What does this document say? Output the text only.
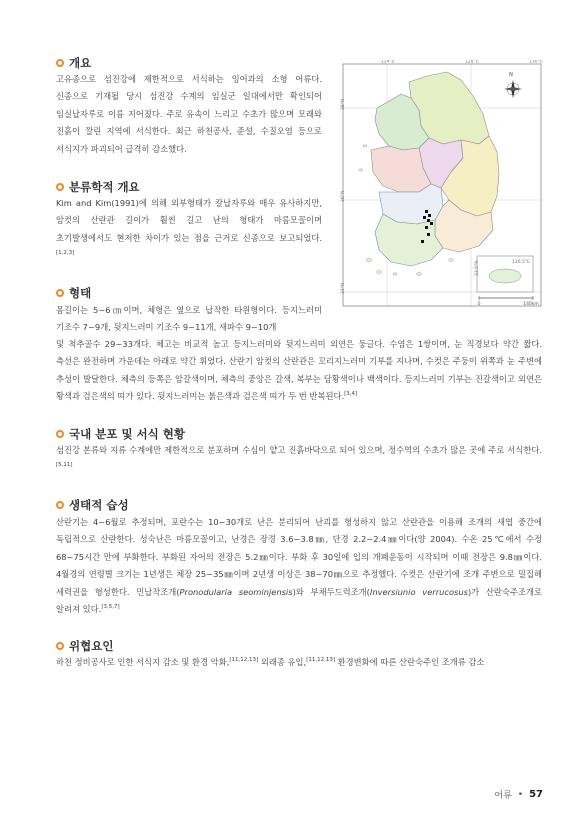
개요
고유종으로 섬진강에 제한적으로 서식하는 잉어과의 소형 어류다. 신종으로 기재될 당시 섬진강 수계의 임실군 일대에서만 확인되어 임실납자루로 이름 지어졌다. 주로 유속이 느리고 수초가 많으며 모래와 진흙이 깔린 지역에 서식한다. 최근 하천공사, 준설, 수질오염 등으로 서식지가 파괴되어 급격히 감소했다.
분류학적 개요
Kim and Kim(1991)에 의해 외부형태가 칼납자루와 매우 유사하지만, 암컷의 산란관 길이가 훨씬 길고 난의 형태가 마름모꼴이며 초기발생에서도 현저한 차이가 있는 점을 근거로 신종으로 보고되었다.[1,2,3]
형태
몸길이는 5~6㎝이며, 체형은 옆으로 납작한 타원형이다. 등지느러미 기조수 7~9개, 뒷지느러미 기조수 9~11개, 새파수 9~10개
및 척추골수 29~33개다. 체고는 비교적 높고 등지느러미와 뒷지느러미 외연은 둥글다. 수염은 1쌍이며, 눈 직경보다 약간 짧다. 측선은 완전하며 가운데는 아래로 약간 휘었다. 산란기 암컷의 산란관은 꼬리지느러미 기부를 지나며, 수컷은 주둥이 위쪽과 눈 주변에 추성이 발달한다. 체측의 등쪽은 암갈색이며, 체측의 중앙은 갈색, 복부는 담황색이나 백색이다. 등지느러미 기부는 진갈색이고 외연은 황색과 검은색의 띠가 있다. 뒷지느러미는 붉은색과 검은색 띠가 두 번 반복된다.[3,4]
국내 분포 및 서식 현황
섬진강 본류와 지류 수계에만 제한적으로 분포하며 수심이 얕고 진흙바닥으로 되어 있으며, 정수역의 수초가 많은 곳에 주로 서식한다.[5,11]
생태적 습성
산란기는 4~6월로 추정되며, 포란수는 10~30개로 난은 분리되어 난괴를 형성하지 않고 산란관을 이용해 조개의 새엽 중간에 독립적으로 산란한다. 성숙난은 마름모꼴이고, 난경은 장경 3.6~3.8㎜, 단경 2.2~2.4㎜이다(양 2004). 수온 25℃에서 수정 68~75시간 만에 부화한다. 부화된 자어의 전장은 5.2㎜이다. 부화 후 30일에 입의 개폐운동이 시작되며 이때 전장은 9.8㎜이다. 4월경의 연령별 크기는 1년생은 체장 25~35㎜이며 2년생 이상은 38~70㎜으로 추정했다. 수컷은 산란기에 조개 주변으로 밀집해 세력권을 형성한다. 민납작조개(Pronodularia seominjensis)와 부채두드럭조개(Inversiunio verrucosus)가 산란숙주조개로 알려져 있다.[3,5,7]
위협요인
하천 정비공사로 인한 서식지 감소 및 환경 악화,[11,12,13] 외래종 유입,[11,12,13] 환경변화에 따른 산란숙주인 조개류 감소
124°E	128°E	130°E
38°N
36°N
34°N
N
126.5°E
33.5°N
0	140km
어류 • 57
